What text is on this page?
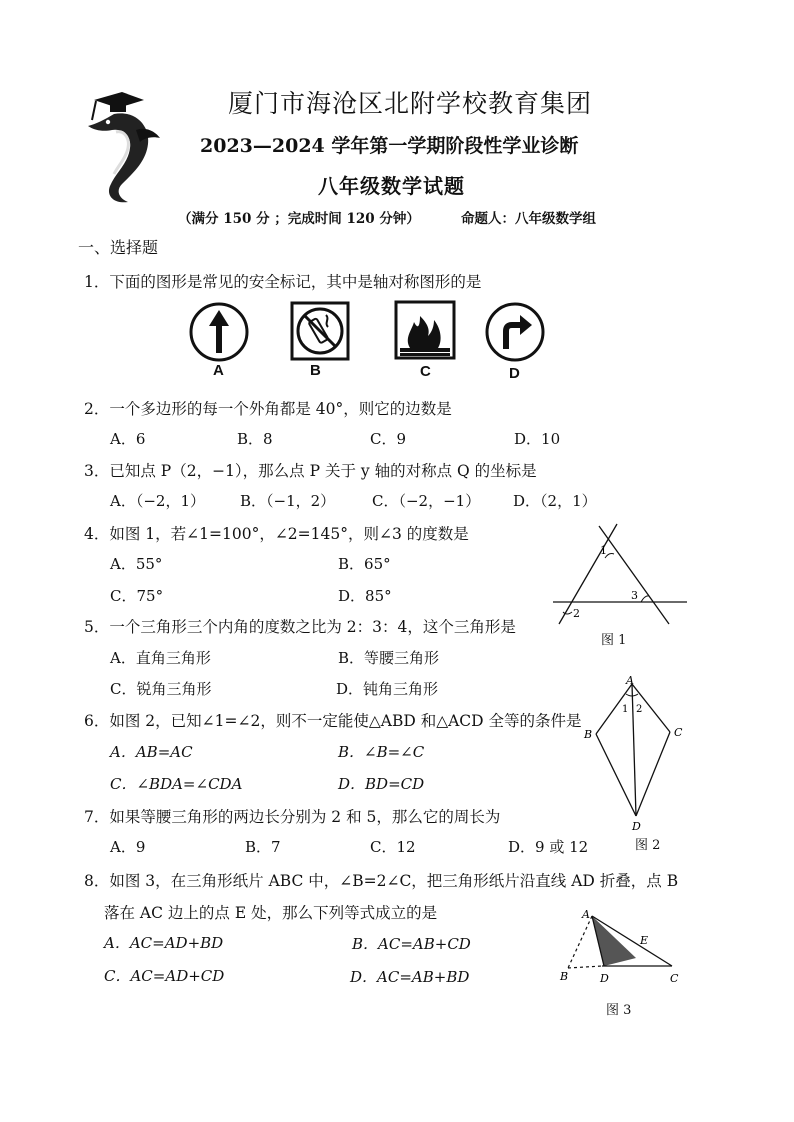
厦门市海沧区北附学校教育集团
2023—2024 学年第一学期阶段性学业诊断
八年级数学试题
（满分 150 分 ；完成时间 120 分钟）	命题人：八年级数学组
一、选择题
1．下面的图形是常见的安全标记，其中是轴对称图形的是
A	B	C	D
2．一个多边形的每一个外角都是 40°，则它的边数是
A．6	B．8	C．9	D．10
3．已知点 P（2，−1），那么点 P 关于 y 轴的对称点 Q 的坐标是
A．（−2，1） B．（−1，2） C．（−2，−1） D．（2，1）
4．如图 1，若∠1=100°，∠2=145°，则∠3 的度数是
A．55°	B．65°
C．75°	D．85°
1
2
3
图 1
5．一个三角形三个内角的度数之比为 2：3：4，这个三角形是
A．直角三角形	B．等腰三角形
C．锐角三角形	D．钝角三角形
6．如图 2，已知∠1=∠2，则不一定能使△ABD 和△ACD 全等的条件是
A．AB=AC	B．∠B=∠C
C．∠BDA=∠CDA	D．BD=CD
A
B	C
D
1 2
图 2
7．如果等腰三角形的两边长分别为 2 和 5，那么它的周长为
A．9	B．7	C．12	D．9 或 12
8．如图 3，在三角形纸片 ABC 中，∠B=2∠C，把三角形纸片沿直线 AD 折叠，点 B
落在 AC 边上的点 E 处，那么下列等式成立的是
A．AC=AD+BD	B．AC=AB+CD
C．AC=AD+CD	D．AC=AB+BD
A
B	C
D
E
图 3
